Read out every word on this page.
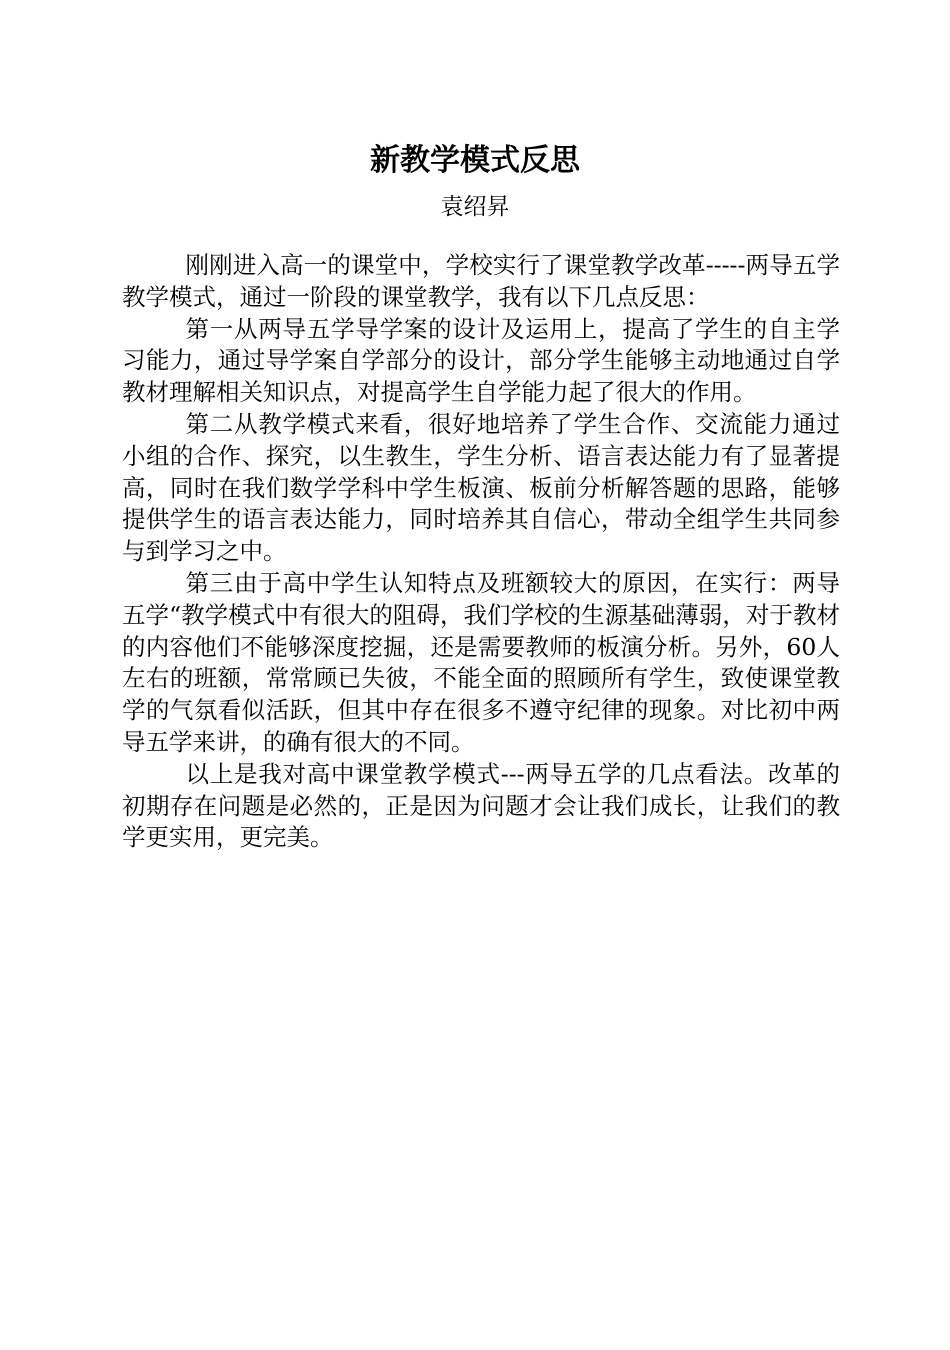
新教学模式反思
袁绍昇

刚刚进入高一的课堂中，学校实行了课堂教学改革-----两导五学教学模式，通过一阶段的课堂教学，我有以下几点反思：

第一从两导五学导学案的设计及运用上，提高了学生的自主学习能力，通过导学案自学部分的设计，部分学生能够主动地通过自学教材理解相关知识点，对提高学生自学能力起了很大的作用。

第二从教学模式来看，很好地培养了学生合作、交流能力通过小组的合作、探究，以生教生，学生分析、语言表达能力有了显著提高，同时在我们数学学科中学生板演、板前分析解答题的思路，能够提供学生的语言表达能力，同时培养其自信心，带动全组学生共同参与到学习之中。

第三由于高中学生认知特点及班额较大的原因，在实行：两导五学“教学模式中有很大的阻碍，我们学校的生源基础薄弱，对于教材的内容他们不能够深度挖掘，还是需要教师的板演分析。另外，60人左右的班额，常常顾已失彼，不能全面的照顾所有学生，致使课堂教学的气氛看似活跃，但其中存在很多不遵守纪律的现象。对比初中两导五学来讲，的确有很大的不同。

以上是我对高中课堂教学模式---两导五学的几点看法。改革的初期存在问题是必然的，正是因为问题才会让我们成长，让我们的教学更实用，更完美。
